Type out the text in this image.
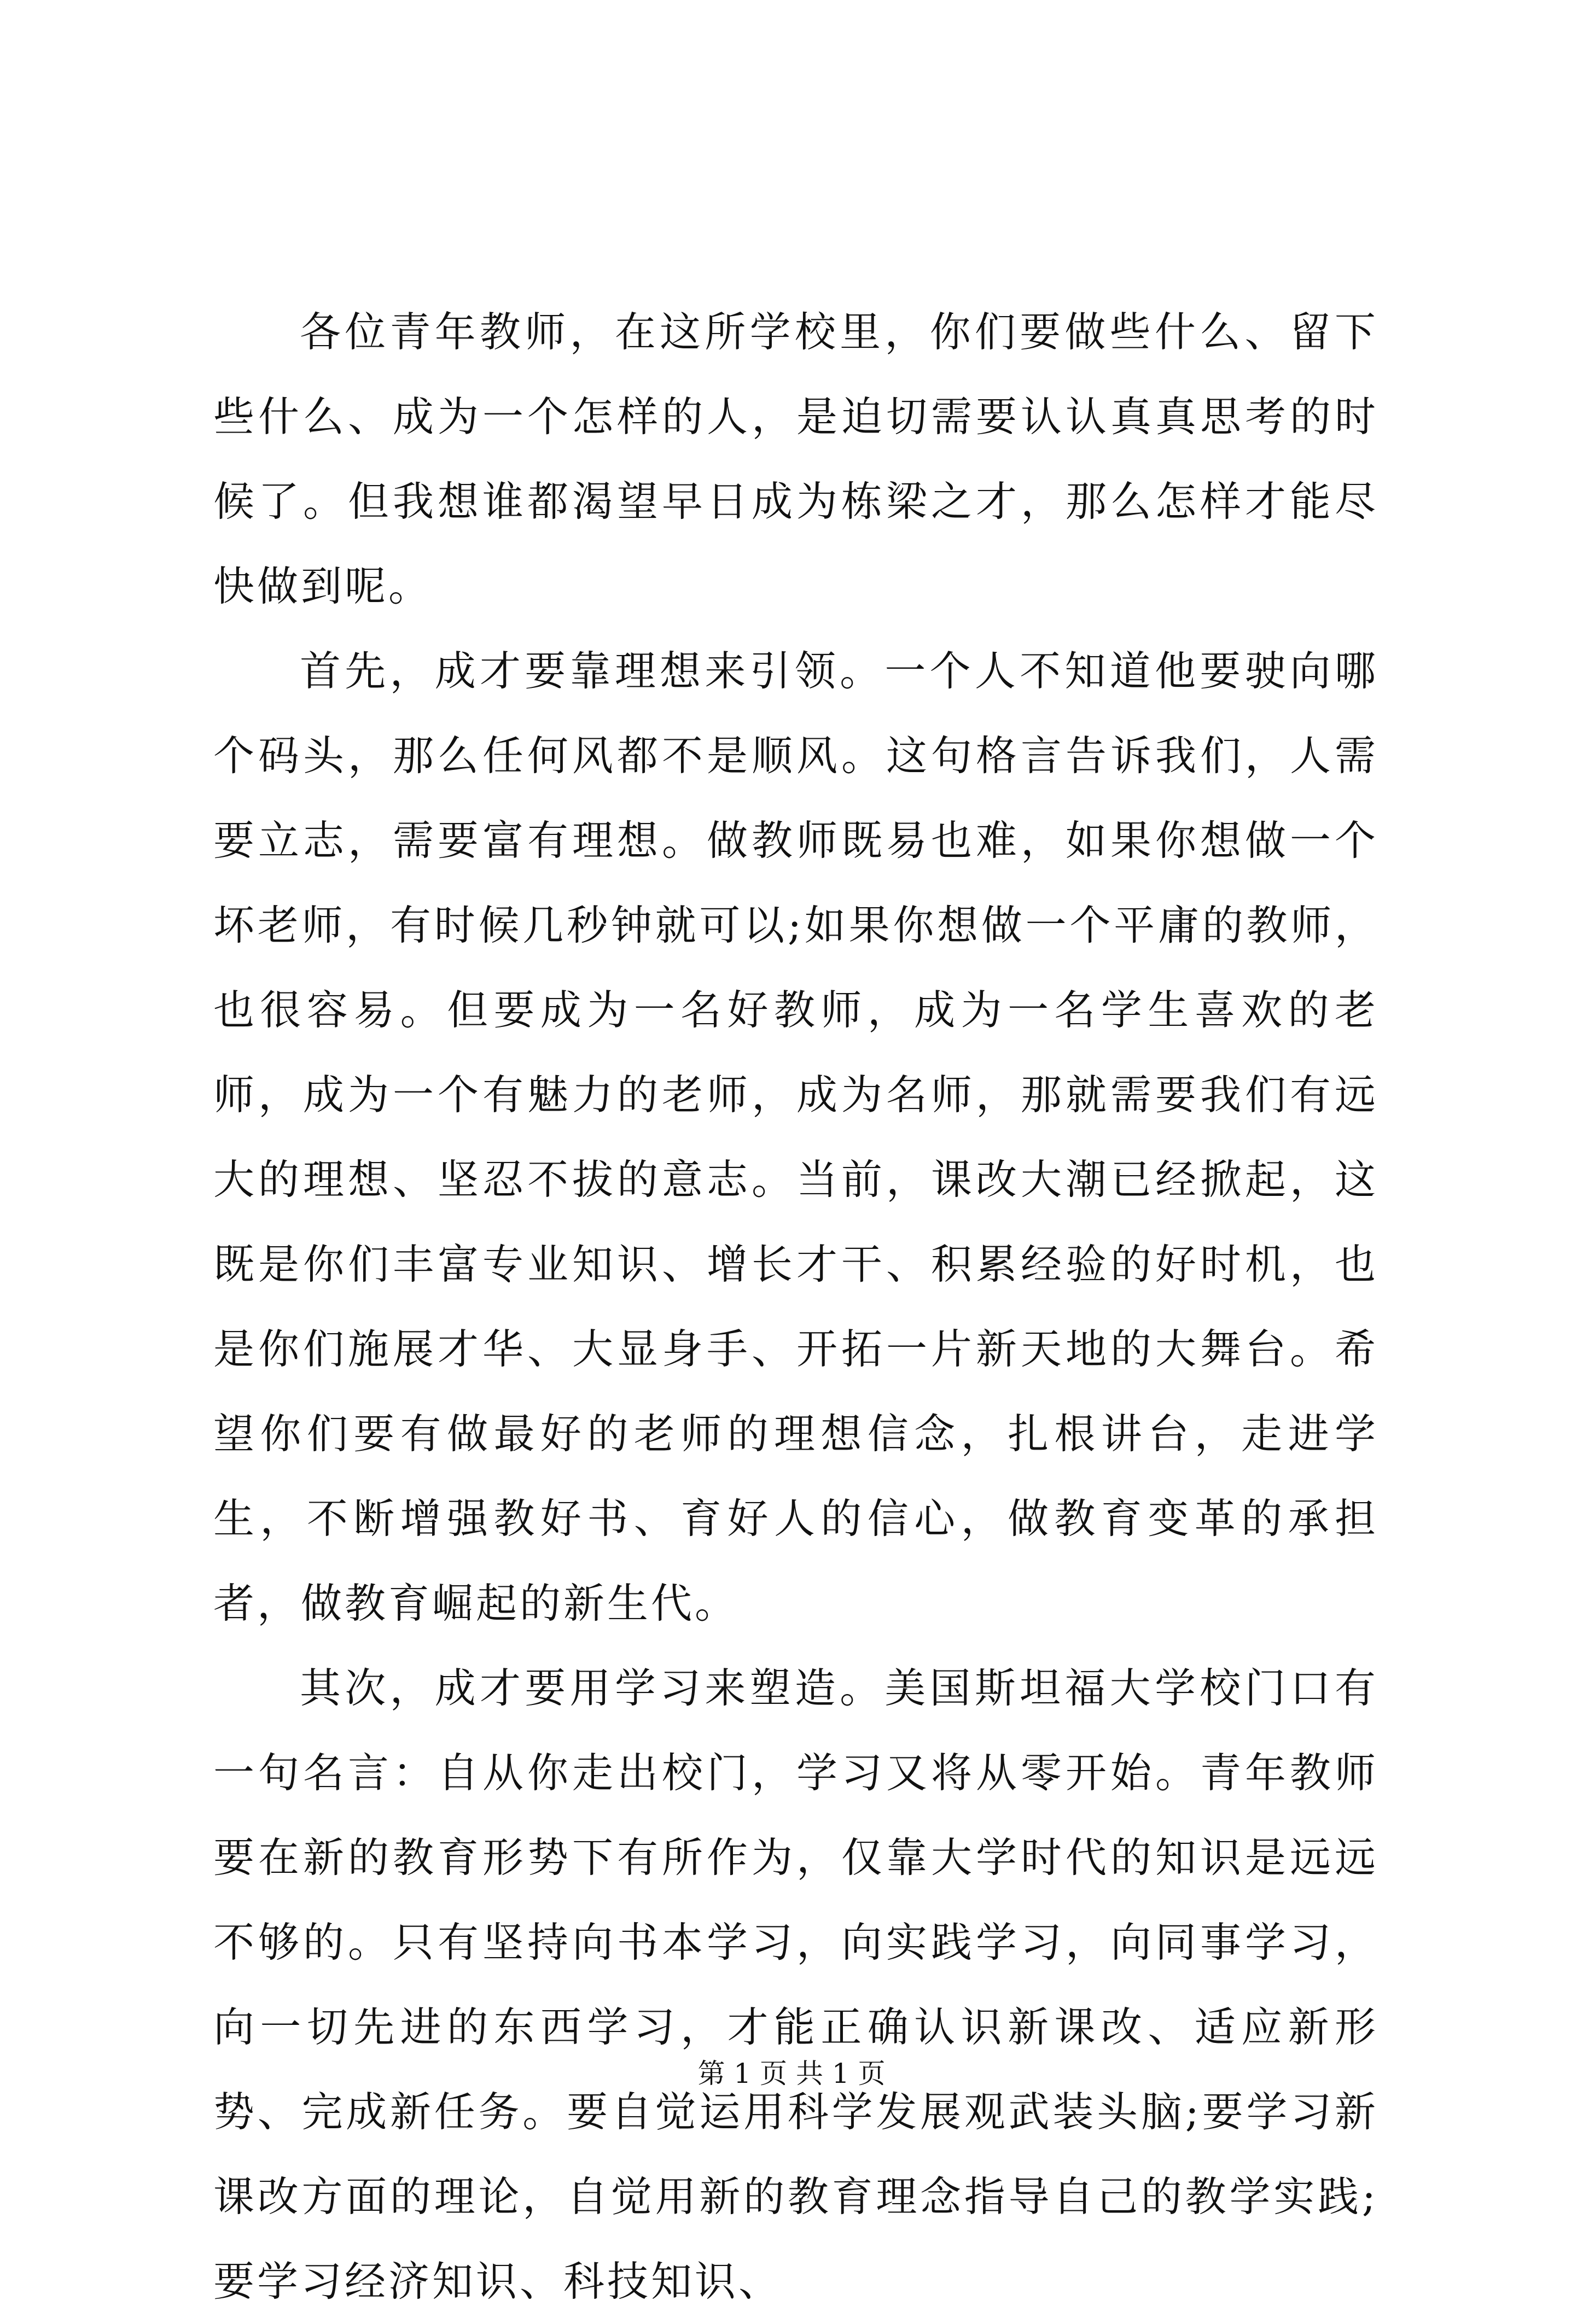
各位青年教师，在这所学校里，你们要做些什么、留下些什么、成为一个怎样的人，是迫切需要认认真真思考的时候了。但我想谁都渴望早日成为栋梁之才，那么怎样才能尽快做到呢。

首先，成才要靠理想来引领。一个人不知道他要驶向哪个码头，那么任何风都不是顺风。这句格言告诉我们，人需要立志，需要富有理想。做教师既易也难，如果你想做一个坏老师，有时候几秒钟就可以;如果你想做一个平庸的教师，也很容易。但要成为一名好教师，成为一名学生喜欢的老师，成为一个有魅力的老师，成为名师，那就需要我们有远大的理想、坚忍不拔的意志。当前，课改大潮已经掀起，这既是你们丰富专业知识、增长才干、积累经验的好时机，也是你们施展才华、大显身手、开拓一片新天地的大舞台。希望你们要有做最好的老师的理想信念，扎根讲台，走进学生，不断增强教好书、育好人的信心，做教育变革的承担者，做教育崛起的新生代。

其次，成才要用学习来塑造。美国斯坦福大学校门口有一句名言：自从你走出校门，学习又将从零开始。青年教师要在新的教育形势下有所作为，仅靠大学时代的知识是远远不够的。只有坚持向书本学习，向实践学习，向同事学习，向一切先进的东西学习，才能正确认识新课改、适应新形势、完成新任务。要自觉运用科学发展观武装头脑;要学习新课改方面的理论，自觉用新的教育理念指导自己的教学实践;要学习经济知识、科技知识、

第 1 页 共 1 页
